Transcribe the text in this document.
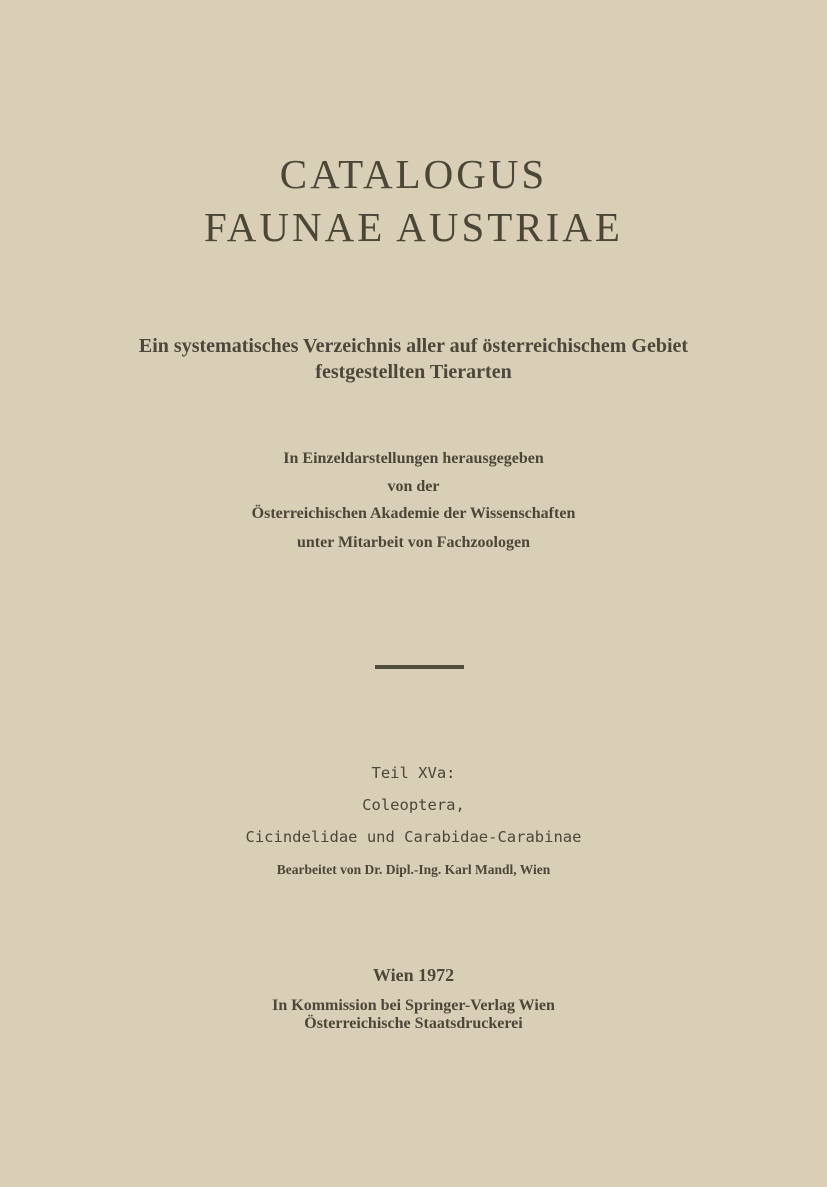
CATALOGUS
FAUNAE AUSTRIAE
Ein systematisches Verzeichnis aller auf österreichischem Gebiet
festgestellten Tierarten
In Einzeldarstellungen herausgegeben
von der
Österreichischen Akademie der Wissenschaften
unter Mitarbeit von Fachzoologen
Teil XVa:
Coleoptera,
Cicindelidae und Carabidae-Carabinae
Bearbeitet von Dr. Dipl.-Ing. Karl Mandl, Wien
Wien 1972
In Kommission bei Springer-Verlag Wien
Österreichische Staatsdruckerei
